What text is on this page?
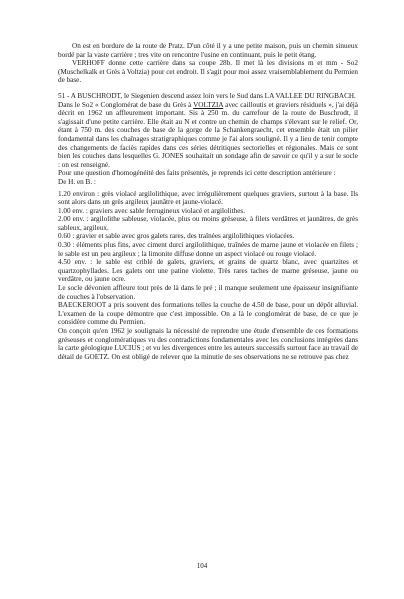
On est en bordure de la route de Pratz. D'un côté il y a une petite maison, puis un chemin sinueux bordé par la vaste carrière ; tres vite on rencontre l'usine en continuant, puis le petit étang.

VERHOFF donne cette carrière dans sa coupe 28b. Il met là les divisions m et mm - So2 (Muschelkalk et Grès à Voltzia) pour cet endroit. Il s'agit pour moi assez vraisemblablement du Permien de base.

51 - A BUSCHRODT, le Siegenien descend assez loin vers le Sud dans LA VALLEE DU RINGBACH.

Dans le So2 « Conglomérat de base du Grès à VOLTZIA avec cailloutis et graviers résiduels », j'ai déjà décrit en 1962 un affleurement important. Sis à 250 m. du carrefour de la route de Buschrodt, il s'agissait d'une petite carrière. Elle était au N et contre un chemin de champs s'élevant sur le relief. Or, étant à 750 m. des couches de base de la gorge de la Schankengraecht, cet ensemble était un pilier fondamental dans les chaînages stratigraphiques comme je l'ai alors souligné. Il y a lieu de tenir compte des changements de faciès rapides dans ces séries détritiques sectorielles et régionales. Mais ce sont bien les couches dans lesquelles G. JONES souhaitait un sondage afin de savoir ce qu'il y a sur le socle : on est renseigné.

Pour une question d'homogénéité des faits présentés, je reprends ici cette description antérieure :

De H. en B. :

1.20 environ : grès violacé argilolithique, avec irrégulièrement quelques graviers, surtout à la base. Ils sont alors dans un grès argileux jaunâtre et jaune-violacé.

1.00 env. : graviers avec sable ferrugineux violacé et argilolithes.

2.00 env. : argilolithe sableuse, violacée, plus ou moins gréseuse, à filets verdâtres et jaunâtres, de grès sableux, argileux.

0.60 : gravier et sable avec gros galets rares, des traînées argilolithiques violacées.

0.30 : éléments plus fins, avec ciment durci argilolithique, traînées de marne jaune et violacée en filets ; le sable est un peu argileux ; la limonite diffuse donne un aspect violacé ou rouge violacé.

4.50 env. : le sable est criblé de galets, graviers, et grains de quartz blanc, avec quartzites et quartzophyllades. Les galets ont une patine violette. Très rares taches de marne gréseuse, jaune ou verdâtre, ou jaune ocre.

Le socle dévonien affleure tout près de là dans le pré ; il manque seulement une épaisseur insignifiante de couches à l'observation.

BAECKEROOT a pris souvent des formations telles la couche de 4.50 de base, pour un dépôt alluvial. L'examen de la coupe démontre que c'est impossible. On a là le conglomérat de base, de ce que je considère comme du Permien.

On conçoit qu'en 1962 je soulignais la nécessité de reprendre une étude d'ensemble de ces formations gréseuses et conglomératiques vu des contradictions fondamentales avec les conclusions intégrées dans la carte géologique LUCIUS ; et vu les divergences entre les auteurs successifs surtout face au travail de détail de GOETZ. On est obligé de relever que la minutie de ses observations ne se retrouve pas chez

104
